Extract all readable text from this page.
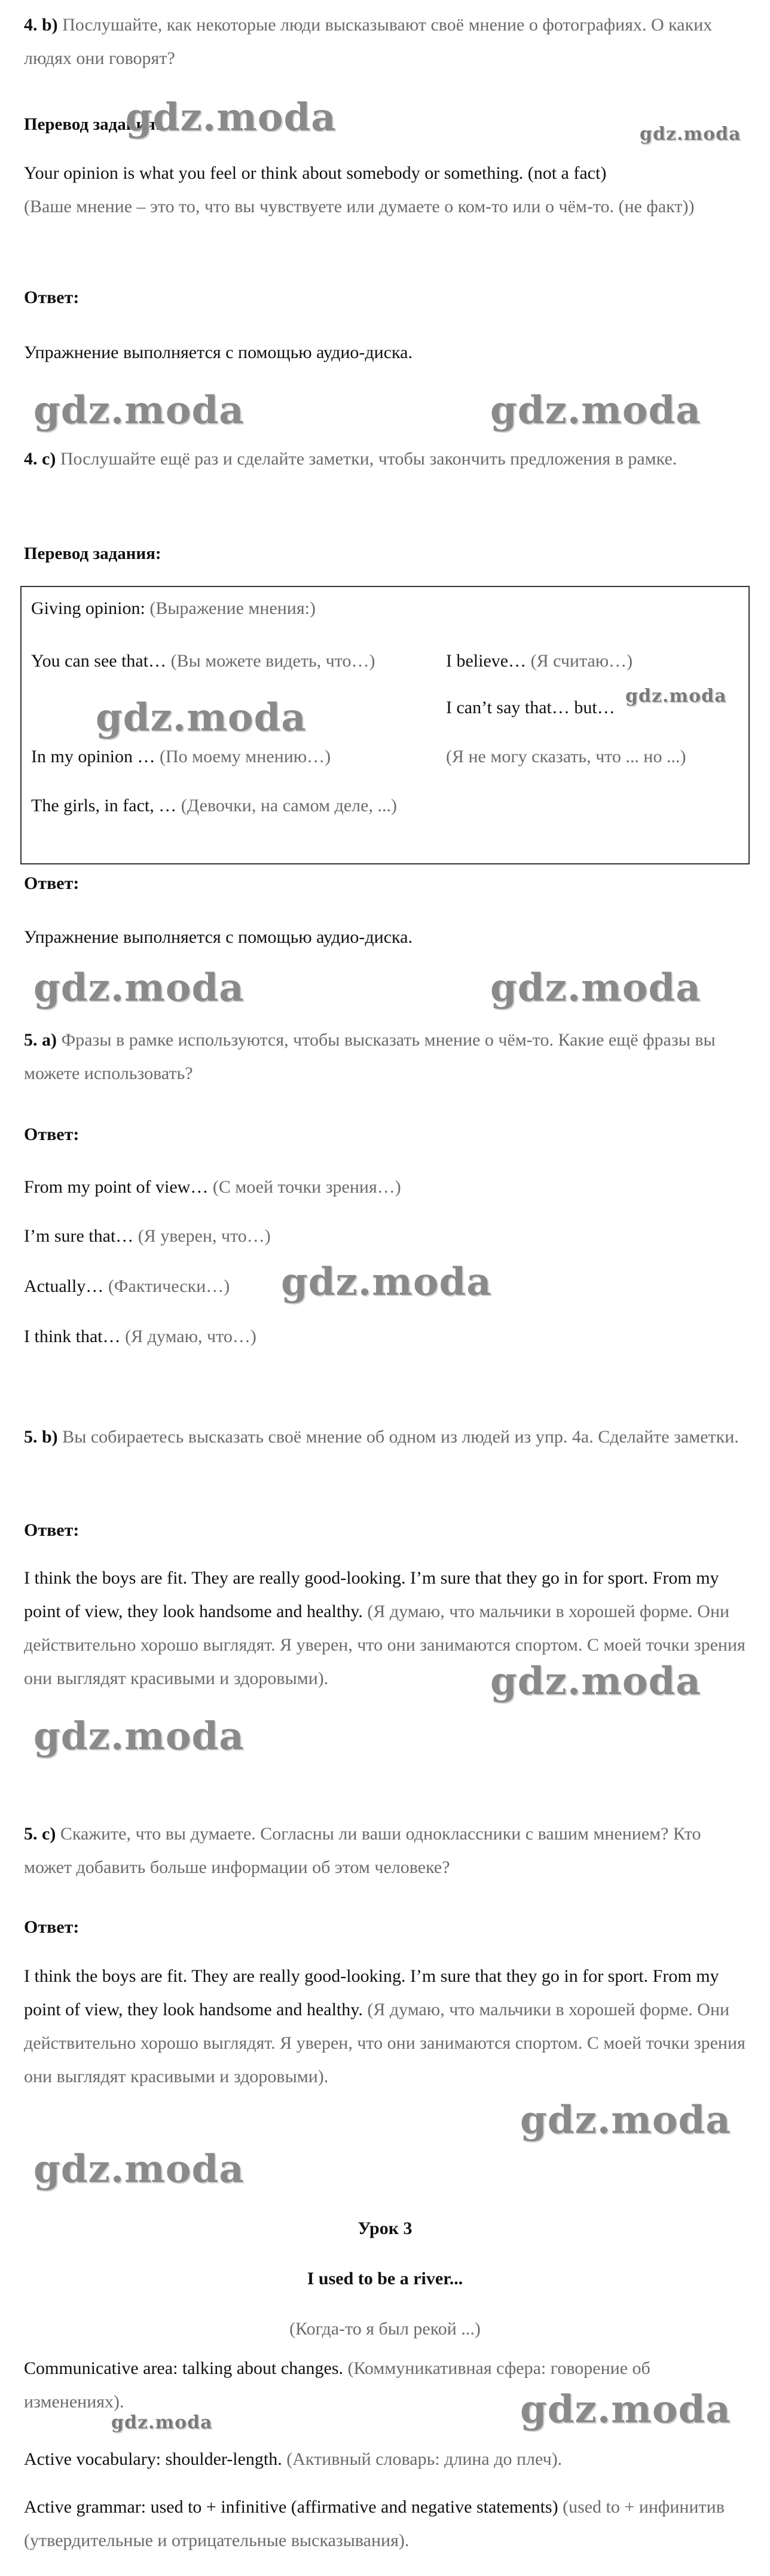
4. b) Послушайте, как некоторые люди высказывают своё мнение о фотографиях. О каких людях они говорят?
Перевод задания:
Your opinion is what you feel or think about somebody or something. (not a fact)
(Ваше мнение – это то, что вы чувствуете или думаете о ком-то или о чём-то. (не факт))
Ответ:
Упражнение выполняется с помощью аудио-диска.
4. c) Послушайте ещё раз и сделайте заметки, чтобы закончить предложения в рамке.
Перевод задания:
Giving opinion: (Выражение мнения:)
You can see that… (Вы можете видеть, что…)
In my opinion … (По моему мнению…)
The girls, in fact, … (Девочки, на самом деле, ...)
I believe… (Я считаю…)
I can’t say that… but…
(Я не могу сказать, что ... но ...)
Ответ:
Упражнение выполняется с помощью аудио-диска.
5. a) Фразы в рамке используются, чтобы высказать мнение о чём-то. Какие ещё фразы вы можете использовать?
Ответ:
From my point of view… (С моей точки зрения…)
I’m sure that… (Я уверен, что…)
Actually… (Фактически…)
I think that… (Я думаю, что…)
5. b) Вы собираетесь высказать своё мнение об одном из людей из упр. 4а. Сделайте заметки.
Ответ:
I think the boys are fit. They are really good-looking. I’m sure that they go in for sport. From my point of view, they look handsome and healthy. (Я думаю, что мальчики в хорошей форме. Они действительно хорошо выглядят. Я уверен, что они занимаются спортом. С моей точки зрения они выглядят красивыми и здоровыми).
5. c) Скажите, что вы думаете. Согласны ли ваши одноклассники с вашим мнением? Кто может добавить больше информации об этом человеке?
Ответ:
I think the boys are fit. They are really good-looking. I’m sure that they go in for sport. From my point of view, they look handsome and healthy. (Я думаю, что мальчики в хорошей форме. Они действительно хорошо выглядят. Я уверен, что они занимаются спортом. С моей точки зрения они выглядят красивыми и здоровыми).
Урок 3
I used to be a river...
(Когда-то я был рекой ...)
Communicative area: talking about changes. (Коммуникативная сфера: говорение об изменениях).
Active vocabulary: shoulder-length. (Активный словарь: длина до плеч).
Active grammar: used to + infinitive (affirmative and negative statements) (used to + инфинитив (утвердительные и отрицательные высказывания).
gdz.moda	gdz.moda
gdz.moda	gdz.moda
gdz.moda	gdz.moda
gdz.moda	gdz.moda
gdz.moda
gdz.moda
gdz.moda
gdz.moda
gdz.moda
gdz.moda
gdz.moda
